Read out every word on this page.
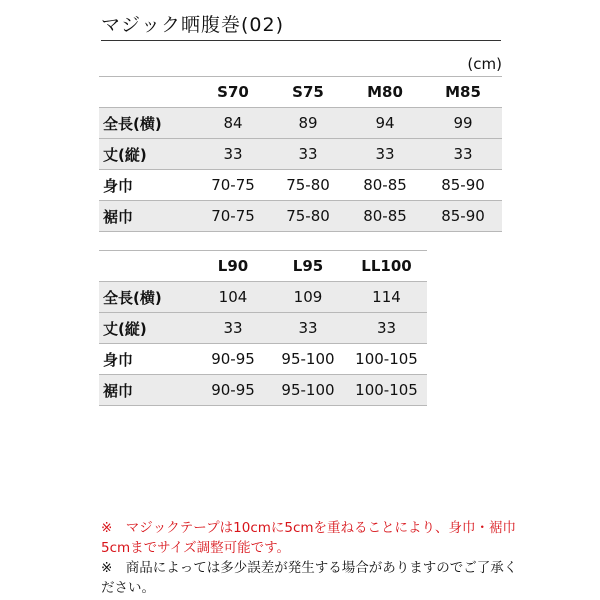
マジック晒腹巻(02)
(cm)
	S70	S75	M80	M85
全長(横)	84	89	94	99
丈(縦)	33	33	33	33
身巾	70-75	75-80	80-85	85-90
裾巾	70-75	75-80	80-85	85-90
	L90	L95	LL100
全長(横)	104	109	114
丈(縦)	33	33	33
身巾	90-95	95-100	100-105
裾巾	90-95	95-100	100-105
※　マジックテープは10cmに5cmを重ねることにより、身巾・裾巾5cmまでサイズ調整可能です。
※　商品によっては多少誤差が発生する場合がありますのでご了承ください。
